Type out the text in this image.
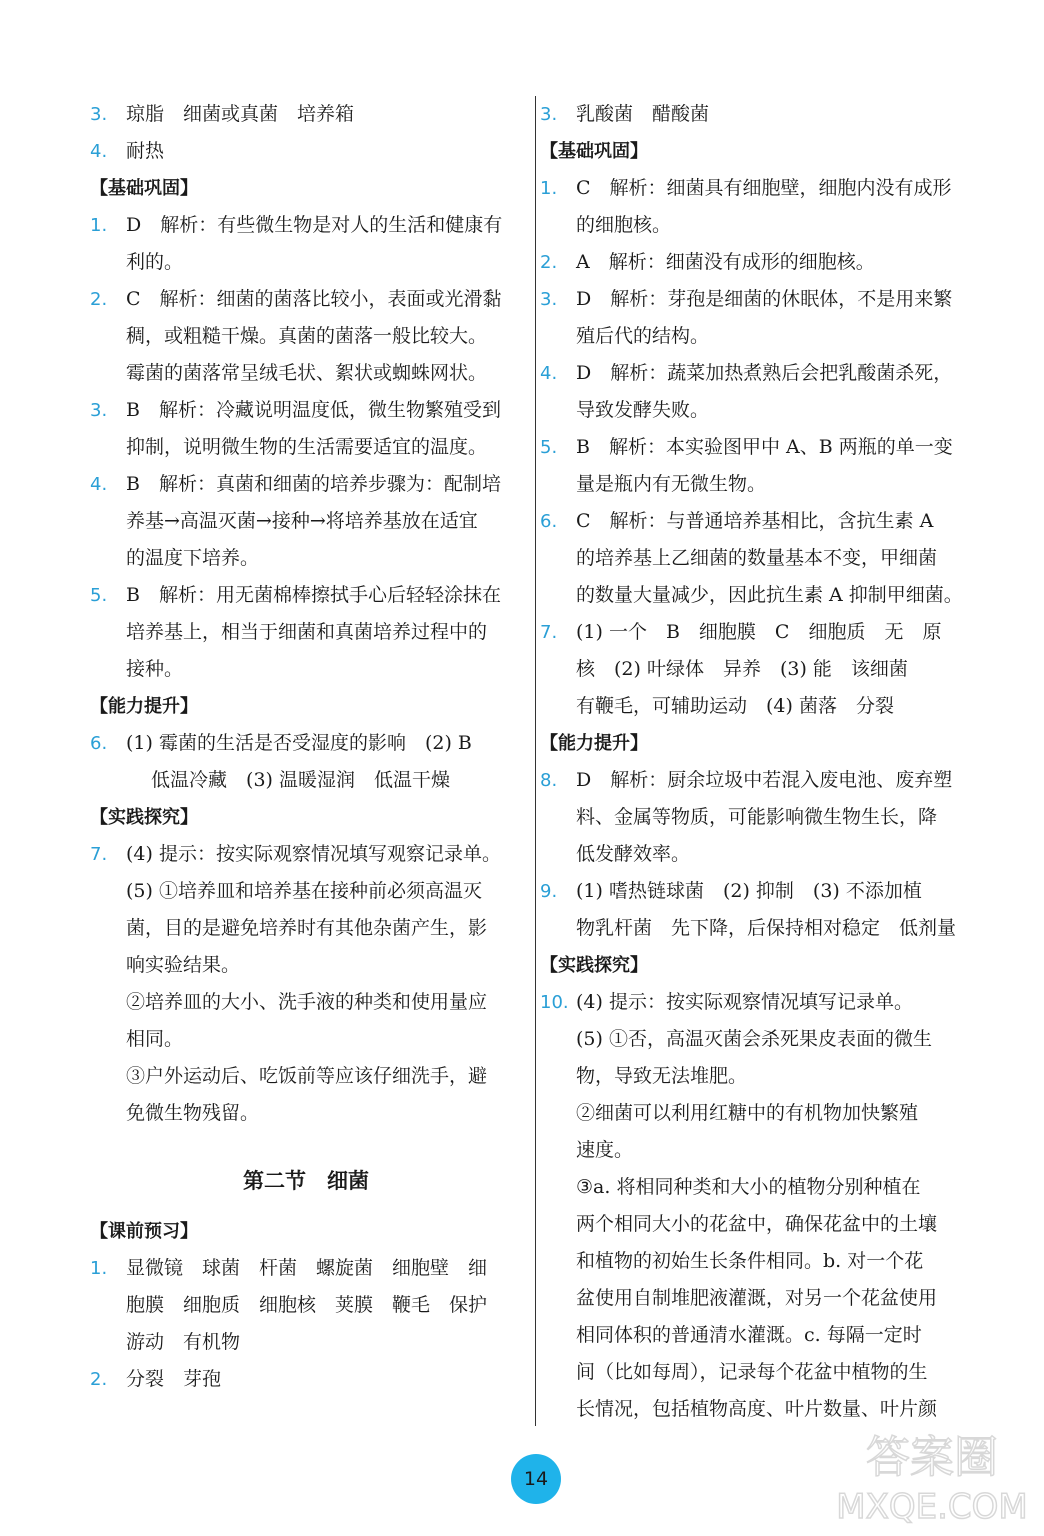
3. 琼脂　细菌或真菌　培养箱
4. 耐热
【基础巩固】
1. D　解析：有些微生物是对人的生活和健康有
利的。
2. C　解析：细菌的菌落比较小，表面或光滑黏
稠，或粗糙干燥。真菌的菌落一般比较大。
霉菌的菌落常呈绒毛状、絮状或蜘蛛网状。
3. B　解析：冷藏说明温度低，微生物繁殖受到
抑制，说明微生物的生活需要适宜的温度。
4. B　解析：真菌和细菌的培养步骤为：配制培
养基→高温灭菌→接种→将培养基放在适宜
的温度下培养。
5. B　解析：用无菌棉棒擦拭手心后轻轻涂抹在
培养基上，相当于细菌和真菌培养过程中的
接种。
【能力提升】
6. (1) 霉菌的生活是否受湿度的影响　(2) B
　 低温冷藏　(3) 温暖湿润　低温干燥
【实践探究】
7. (4) 提示：按实际观察情况填写观察记录单。
(5) ①培养皿和培养基在接种前必须高温灭
菌，目的是避免培养时有其他杂菌产生，影
响实验结果。
②培养皿的大小、洗手液的种类和使用量应
相同。
③户外运动后、吃饭前等应该仔细洗手，避
免微生物残留。
第二节　细菌
【课前预习】
1. 显微镜　球菌　杆菌　螺旋菌　细胞壁　细
胞膜　细胞质　细胞核　荚膜　鞭毛　保护
游动　有机物
2. 分裂　芽孢
3. 乳酸菌　醋酸菌
【基础巩固】
1. C　解析：细菌具有细胞壁，细胞内没有成形
的细胞核。
2. A　解析：细菌没有成形的细胞核。
3. D　解析：芽孢是细菌的休眠体，不是用来繁
殖后代的结构。
4. D　解析：蔬菜加热煮熟后会把乳酸菌杀死，
导致发酵失败。
5. B　解析：本实验图甲中 A、B 两瓶的单一变
量是瓶内有无微生物。
6. C　解析：与普通培养基相比，含抗生素 A
的培养基上乙细菌的数量基本不变，甲细菌
的数量大量减少，因此抗生素 A 抑制甲细菌。
7. (1) 一个　B　细胞膜　C　细胞质　无　原
核　(2) 叶绿体　异养　(3) 能　该细菌
有鞭毛，可辅助运动　(4) 菌落　分裂
【能力提升】
8. D　解析：厨余垃圾中若混入废电池、废弃塑
料、金属等物质，可能影响微生物生长，降
低发酵效率。
9. (1) 嗜热链球菌　(2) 抑制　(3) 不添加植
物乳杆菌　先下降，后保持相对稳定　低剂量
【实践探究】
10. (4) 提示：按实际观察情况填写记录单。
(5) ①否，高温灭菌会杀死果皮表面的微生
物，导致无法堆肥。
②细菌可以利用红糖中的有机物加快繁殖
速度。
③a. 将相同种类和大小的植物分别种植在
两个相同大小的花盆中，确保花盆中的土壤
和植物的初始生长条件相同。b. 对一个花
盆使用自制堆肥液灌溉，对另一个花盆使用
相同体积的普通清水灌溉。c. 每隔一定时
间（比如每周），记录每个花盆中植物的生
长情况，包括植物高度、叶片数量、叶片颜
14	答案圈
MXQE.COM
